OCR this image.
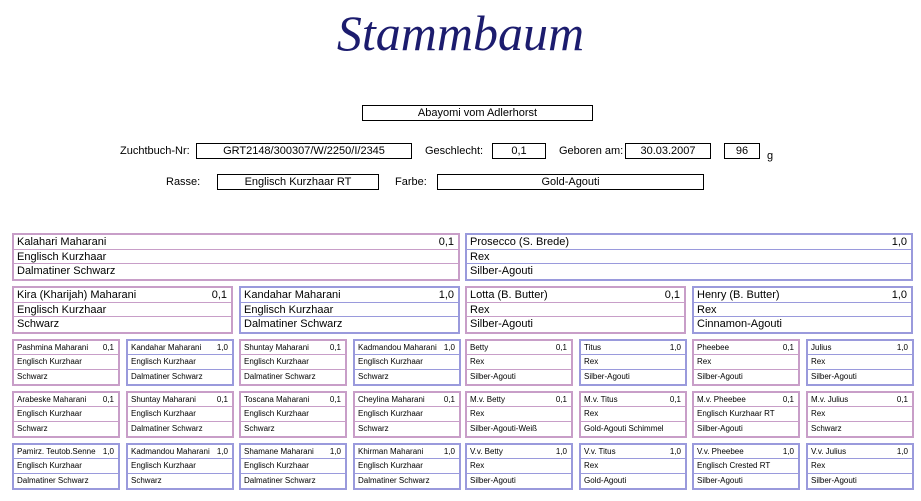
Stammbaum
Abayomi vom Adlerhorst
Zuchtbuch-Nr:	GRT2148/300307/W/2250/I/2345	Geschlecht:	0,1	Geboren am:	30.03.2007	96	g
Rasse:	Englisch Kurzhaar RT	Farbe:	Gold-Agouti
Kalahari Maharani	0,1
Englisch Kurzhaar
Dalmatiner Schwarz
Prosecco (S. Brede)	1,0
Rex
Silber-Agouti
Kira (Kharijah) Maharani	0,1
Englisch Kurzhaar
Schwarz
Kandahar Maharani	1,0
Englisch Kurzhaar
Dalmatiner Schwarz
Lotta (B. Butter)	0,1
Rex
Silber-Agouti
Henry (B. Butter)	1,0
Rex
Cinnamon-Agouti
Pashmina Maharani 0,1
Englisch Kurzhaar
Schwarz
Arabeske Maharani 0,1
Englisch Kurzhaar
Schwarz
Pamirz. Teutob.Senne 1,0
Englisch Kurzhaar
Dalmatiner Schwarz
Kandahar Maharani 1,0
Englisch Kurzhaar
Dalmatiner Schwarz
Shuntay Maharani	0,1
Englisch Kurzhaar
Dalmatiner Schwarz
Kadmandou Maharani 1,0
Englisch Kurzhaar
Schwarz
Shuntay Maharani	0,1
Englisch Kurzhaar
Dalmatiner Schwarz
Toscana Maharani	0,1
Englisch Kurzhaar
Schwarz
Shamane Maharani 1,0
Englisch Kurzhaar
Dalmatiner Schwarz
Kadmandou Maharani 1,0
Englisch Kurzhaar
Schwarz
Cheylina Maharani 0,1
Englisch Kurzhaar
Schwarz
Khirman Maharani	1,0
Englisch Kurzhaar
Dalmatiner Schwarz
Betty	0,1
Rex
Silber-Agouti
M.v. Betty	0,1
Rex
Silber-Agouti-Weiß
V.v. Betty	1,0
Rex
Silber-Agouti
Titus	1,0
Rex
Silber-Agouti
M.v. Titus	0,1
Rex
Gold-Agouti Schimmel
V.v. Titus	1,0
Rex
Gold-Agouti
Pheebee	0,1
Rex
Silber-Agouti
M.v. Pheebee	0,1
Englisch Kurzhaar RT
Silber-Agouti
V.v. Pheebee	1,0
Englisch Crested RT
Silber-Agouti
Julius	1,0
Rex
Silber-Agouti
M.v. Julius	0,1
Rex
Schwarz
V.v. Julius	1,0
Rex
Silber-Agouti
